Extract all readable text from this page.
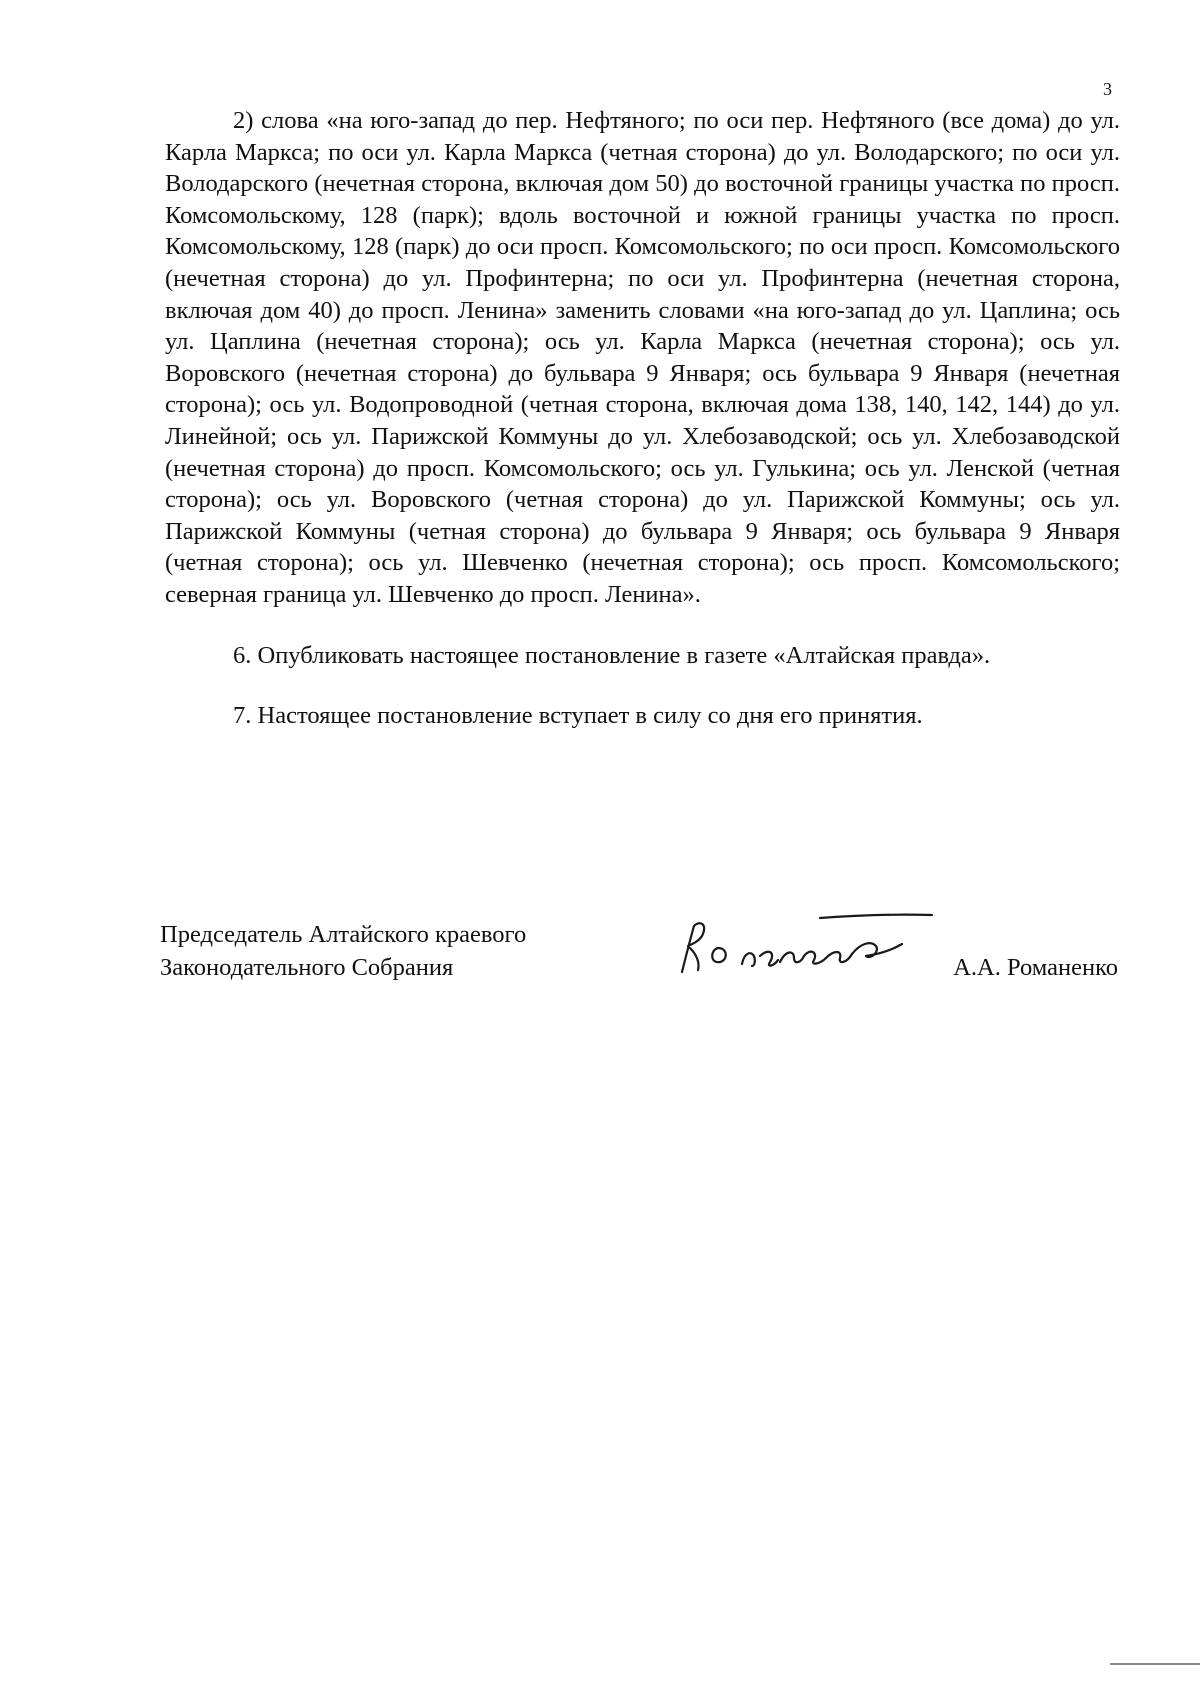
3

2) слова «на юго-запад до пер. Нефтяного; по оси пер. Нефтяного (все дома) до ул. Карла Маркса; по оси ул. Карла Маркса (четная сторона) до ул. Володарского; по оси ул. Володарского (нечетная сторона, включая дом 50) до восточной границы участка по просп. Комсомольскому, 128 (парк); вдоль восточной и южной границы участка по просп. Комсомольскому, 128 (парк) до оси просп. Комсомольского; по оси просп. Комсомольского (нечетная сторона) до ул. Профинтерна; по оси ул. Профинтерна (нечетная сторона, включая дом 40) до просп. Ленина» заменить словами «на юго-запад до ул. Цаплина; ось ул. Цаплина (нечетная сторона); ось ул. Карла Маркса (нечетная сторона); ось ул. Воровского (нечетная сторона) до бульвара 9 Января; ось бульвара 9 Января (нечетная сторона); ось ул. Водопроводной (четная сторона, включая дома 138, 140, 142, 144) до ул. Линейной; ось ул. Парижской Коммуны до ул. Хлебозаводской; ось ул. Хлебозаводской (нечетная сторона) до просп. Комсомольского; ось ул. Гулькина; ось ул. Ленской (четная сторона); ось ул. Воровского (четная сторона) до ул. Парижской Коммуны; ось ул. Парижской Коммуны (четная сторона) до бульвара 9 Января; ось бульвара 9 Января (четная сторона); ось ул. Шевченко (нечетная сторона); ось просп. Комсомольского; северная граница ул. Шевченко до просп. Ленина».

6. Опубликовать настоящее постановление в газете «Алтайская правда».

7. Настоящее постановление вступает в силу со дня его принятия.

Председатель Алтайского краевого
Законодательного Собрания	А.А. Романенко
